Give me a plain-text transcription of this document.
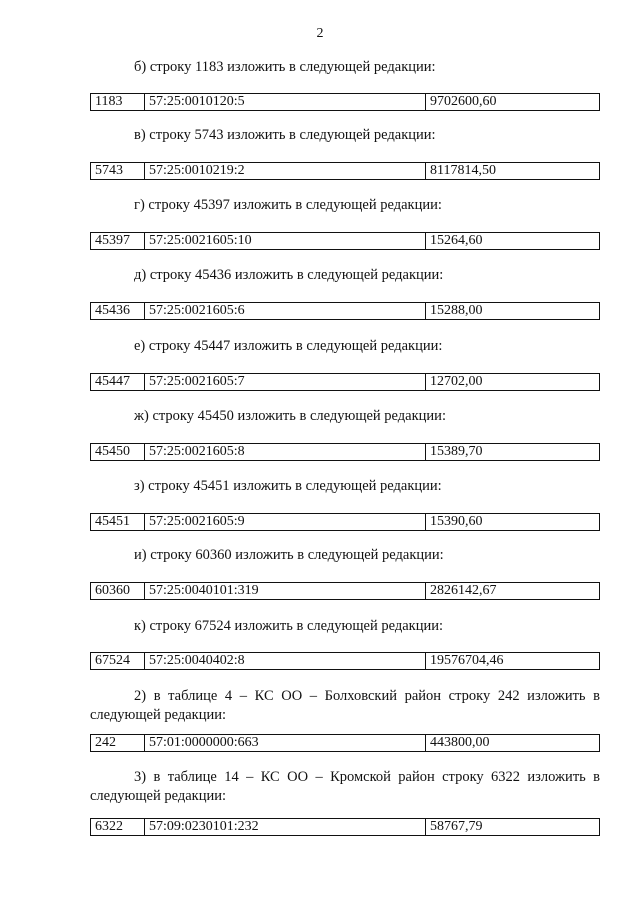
2
б) строку 1183 изложить в следующей редакции:
1183	57:25:0010120:5	9702600,60
в) строку 5743 изложить в следующей редакции:
5743	57:25:0010219:2	8117814,50
г) строку 45397 изложить в следующей редакции:
45397	57:25:0021605:10	15264,60
д) строку 45436 изложить в следующей редакции:
45436	57:25:0021605:6	15288,00
е) строку 45447 изложить в следующей редакции:
45447	57:25:0021605:7	12702,00
ж) строку 45450 изложить в следующей редакции:
45450	57:25:0021605:8	15389,70
з) строку 45451 изложить в следующей редакции:
45451	57:25:0021605:9	15390,60
и) строку 60360 изложить в следующей редакции:
60360	57:25:0040101:319	2826142,67
к) строку 67524 изложить в следующей редакции:
67524	57:25:0040402:8	19576704,46
2) в таблице 4 – КС ОО – Болховский район строку 242 изложить в следующей редакции:
242	57:01:0000000:663	443800,00
3) в таблице 14 – КС ОО – Кромской район строку 6322 изложить в следующей редакции:
6322	57:09:0230101:232	58767,79
